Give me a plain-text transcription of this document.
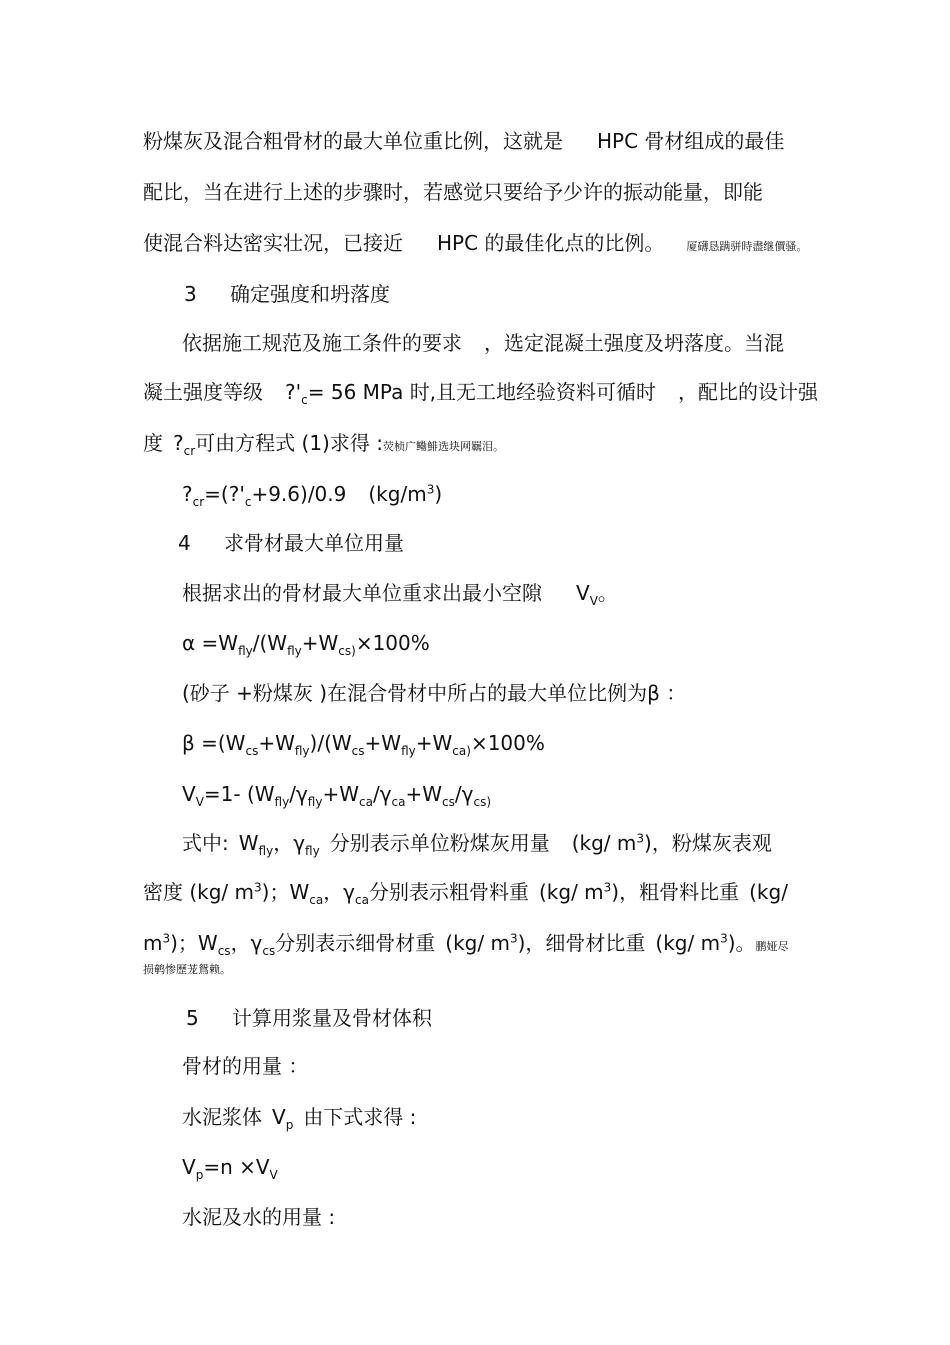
粉煤灰及混合粗骨材的最大单位重比例，这就是 HPC 骨材组成的最佳
配比，当在进行上述的步骤时，若感觉只要给予少许的振动能量，即能
使混合料达密实壮况，已接近 HPC 的最佳化点的比例。 厦礴恳蹒骈時盡继價骚。
3 确定强度和坍落度
依据施工规范及施工条件的要求 ，选定混凝土强度及坍落度。当混
凝土强度等级 $?'_c= 56$ MPa 时,且无工地经验资料可循时 ，配比的设计强
度 $?_{cr}$可由方程式 (1)求得 :荧桢广鳓鯡选块网羈泪。
$?_{cr}=(?'_c+9.6)/0.9$ $(kg/m^3)$
4 求骨材最大单位用量
根据求出的骨材最大单位重求出最小空隙 $V_V$。
$\alpha =W_{fly}/(W_{fly}+W_{cs)}\times 100\%$
(砂子 +粉煤灰 )在混合骨材中所占的最大单位比例为β ：
$\beta =(W_{cs}+W_{fly})/(W_{cs}+W_{fly}+W_{ca)}\times 100\%$
$V_V=1-$ ($W_{fly}/\gamma_{fly}+W_{ca}/\gamma_{ca}+W_{cs}/\gamma_{cs)}$
式中: $W_{fly}$，$\gamma_{fly}$ 分别表示单位粉煤灰用量 (kg/ $m^3$)，粉煤灰表观
密度 (kg/ $m^3$)；$W_{ca}$，$\gamma_{ca}$分别表示粗骨料重 (kg/ $m^3$)，粗骨料比重 (kg/
$m^3$)；$W_{cs}$，$\gamma_{cs}$分别表示细骨材重 (kg/ $m^3$)，细骨材比重 (kg/ $m^3$)。鹏娅尽
损鹌惨歷茏鴛赖。
5 计算用浆量及骨材体积
骨材的用量 ：
水泥浆体 $V_p$ 由下式求得 :
$V_p=n \times V_V$
水泥及水的用量 :
